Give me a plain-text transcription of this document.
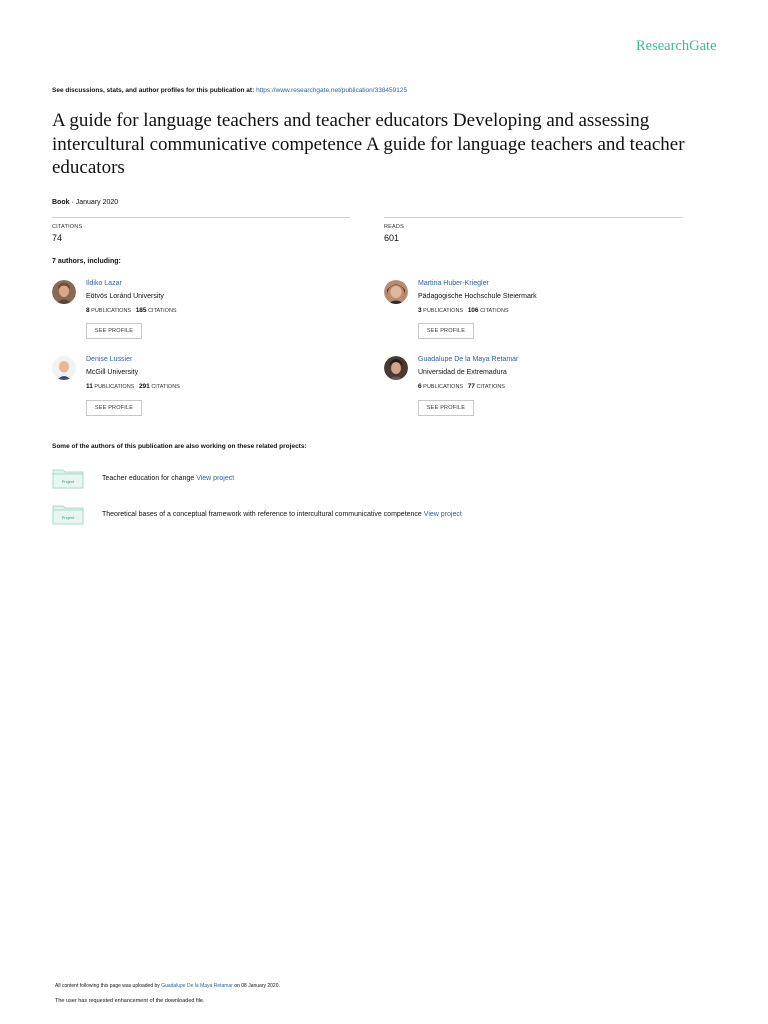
ResearchGate
See discussions, stats, and author profiles for this publication at: https://www.researchgate.net/publication/338459125
A guide for language teachers and teacher educators Developing and assessing intercultural communicative competence A guide for language teachers and teacher educators
Book · January 2020
CITATIONS
74
READS
601
7 authors, including:
Ildiko Lazar
Eötvös Loránd University
8 PUBLICATIONS 185 CITATIONS
SEE PROFILE
Martina Huber-Kriegler
Pädagogische Hochschule Steiermark
3 PUBLICATIONS 106 CITATIONS
SEE PROFILE
Denise Lussier
McGill University
11 PUBLICATIONS 291 CITATIONS
SEE PROFILE
Guadalupe De la Maya Retamar
Universidad de Extremadura
6 PUBLICATIONS 77 CITATIONS
SEE PROFILE
Some of the authors of this publication are also working on these related projects:
Project	Teacher education for change View project
Project	Theoretical bases of a conceptual framework with reference to intercultural communicative competence View project
All content following this page was uploaded by Guadalupe De la Maya Retamar on 08 January 2020.
The user has requested enhancement of the downloaded file.
